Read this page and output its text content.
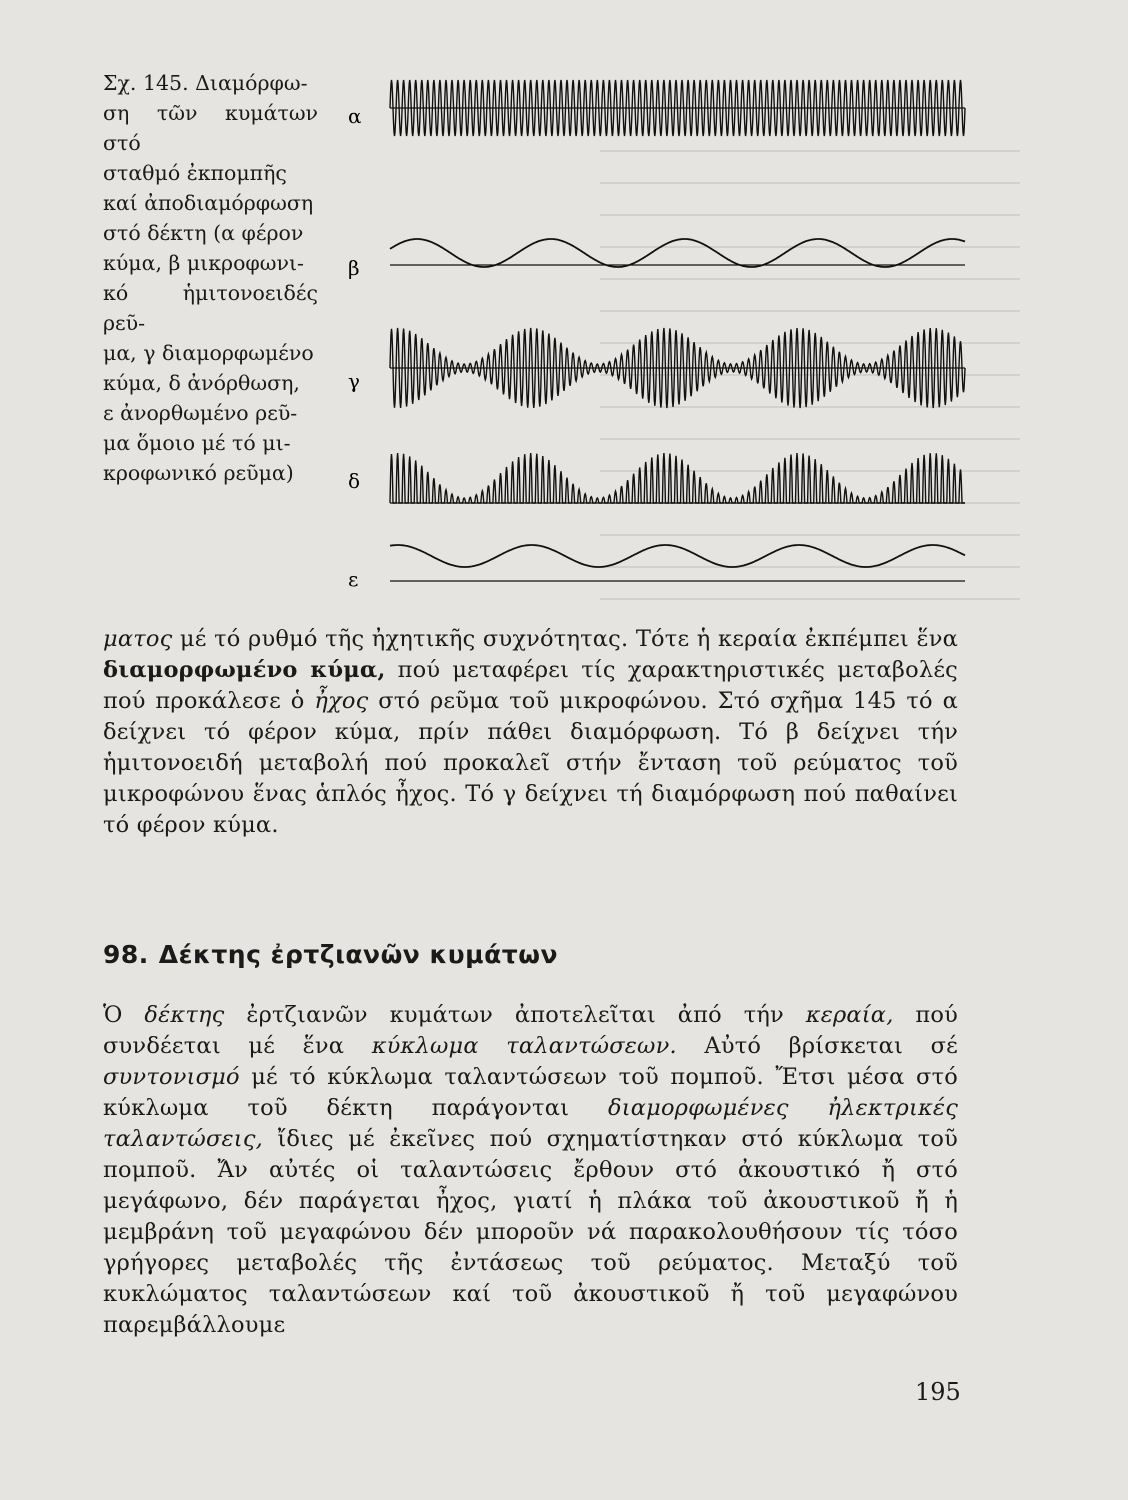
Σχ. 145. Διαμόρφω-
ση τῶν κυμάτων στό
σταθμό ἐκπομπῆς
καί ἀποδιαμόρφωση
στό δέκτη (α φέρον
κύμα, β μικροφωνι-
κό ἡμιτονοειδές ρεῦ-
μα, γ διαμορφωμένο
κύμα, δ ἀνόρθωση,
ε ἀνορθωμένο ρεῦ-
μα ὅμοιο μέ τό μι-
κροφωνικό ρεῦμα)
α
β
γ
δ
ε
ματος μέ τό ρυθμό τῆς ἠχητικῆς συχνότητας. Τότε ἡ κεραία ἐκπέμπει ἕνα διαμορφωμένο κύμα, πού μεταφέρει τίς χαρακτηριστικές μεταβολές πού προκάλεσε ὁ ἦχος στό ρεῦμα τοῦ μικροφώνου. Στό σχῆμα 145 τό α δείχνει τό φέρον κύμα, πρίν πάθει διαμόρφωση. Τό β δείχνει τήν ἡμιτονοειδή μεταβολή πού προκαλεῖ στήν ἔνταση τοῦ ρεύματος τοῦ μικροφώνου ἕνας ἁπλός ἦχος. Τό γ δείχνει τή διαμόρφωση πού παθαίνει τό φέρον κύμα.
98. Δέκτης ἐρτζιανῶν κυμάτων
Ὁ δέκτης ἐρτζιανῶν κυμάτων ἀποτελεῖται ἀπό τήν κεραία, πού συνδέεται μέ ἕνα κύκλωμα ταλαντώσεων. Αὐτό βρίσκεται σέ συντονισμό μέ τό κύκλωμα ταλαντώσεων τοῦ πομποῦ. Ἔτσι μέσα στό κύκλωμα τοῦ δέκτη παράγονται διαμορφωμένες ἠλεκτρικές ταλαντώσεις, ἴδιες μέ ἐκεῖνες πού σχηματίστηκαν στό κύκλωμα τοῦ πομποῦ. Ἄν αὐτές οἱ ταλαντώσεις ἔρθουν στό ἀκουστικό ἤ στό μεγάφωνο, δέν παράγεται ἦχος, γιατί ἡ πλάκα τοῦ ἀκουστικοῦ ἤ ἡ μεμβράνη τοῦ μεγαφώνου δέν μποροῦν νά παρακολουθήσουν τίς τόσο γρήγορες μεταβολές τῆς ἐντάσεως τοῦ ρεύματος. Μεταξύ τοῦ κυκλώματος ταλαντώσεων καί τοῦ ἀκουστικοῦ ἤ τοῦ μεγαφώνου παρεμβάλλουμε
195
